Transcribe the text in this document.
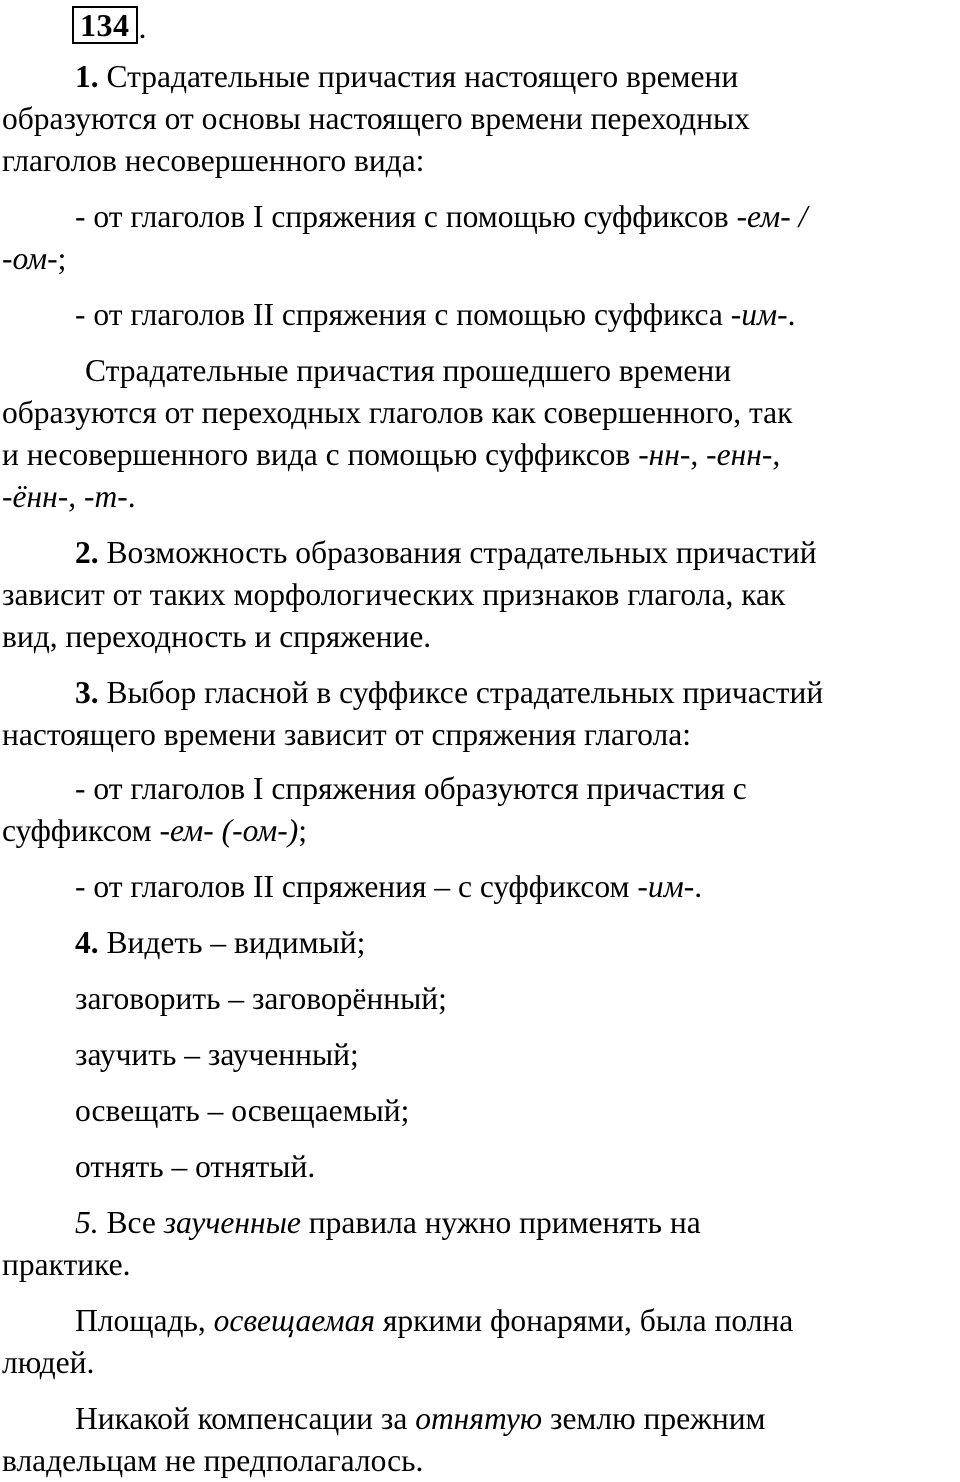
134 .

1. Страдательные причастия настоящего времени

образуются от основы настоящего времени переходных
глаголов несовершенного вида:

- от глаголов I спряжения с помощью суффиксов -ем- /

-ом-;

- от глаголов II спряжения с помощью суффикса -им-.

Страдательные причастия прошедшего времени

образуются от переходных глаголов как совершенного, так
и несовершенного вида с помощью суффиксов -нн-, -енн-,
-ённ-, -т-.

2. Возможность образования страдательных причастий

зависит от таких морфологических признаков глагола, как
вид, переходность и спряжение.

3. Выбор гласной в суффиксе страдательных причастий

настоящего времени зависит от спряжения глагола:

- от глаголов I спряжения образуются причастия с

суффиксом -ем- (-ом-);

- от глаголов II спряжения – с суффиксом -им-.

4. Видеть – видимый;

заговорить – заговорённый;

заучить – заученный;

освещать – освещаемый;

отнять – отнятый.

5. Все заученные правила нужно применять на

практике.

Площадь, освещаемая яркими фонарями, была полна

людей.

Никакой компенсации за отнятую землю прежним

владельцам не предполагалось.
